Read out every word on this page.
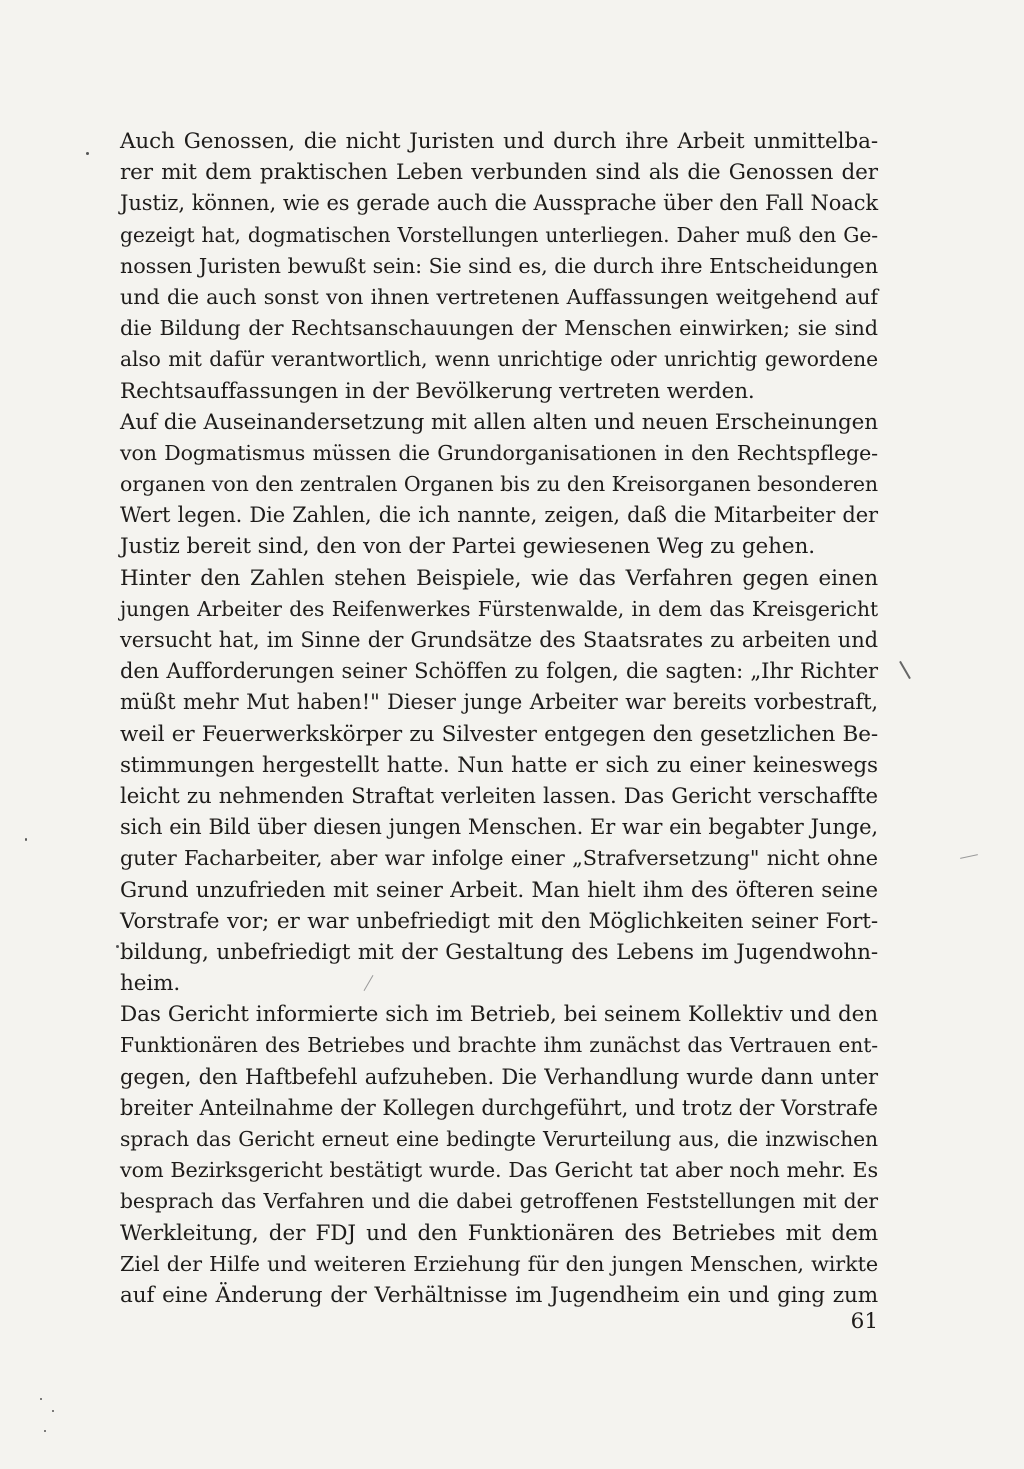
Auch Genossen, die nicht Juristen und durch ihre Arbeit unmittelba-
rer mit dem praktischen Leben verbunden sind als die Genossen der
Justiz, können, wie es gerade auch die Aussprache über den Fall Noack
gezeigt hat, dogmatischen Vorstellungen unterliegen. Daher muß den Ge-
nossen Juristen bewußt sein: Sie sind es, die durch ihre Entscheidungen
und die auch sonst von ihnen vertretenen Auffassungen weitgehend auf
die Bildung der Rechtsanschauungen der Menschen einwirken; sie sind
also mit dafür verantwortlich, wenn unrichtige oder unrichtig gewordene
Rechtsauffassungen in der Bevölkerung vertreten werden.
Auf die Auseinandersetzung mit allen alten und neuen Erscheinungen
von Dogmatismus müssen die Grundorganisationen in den Rechtspflege-
organen von den zentralen Organen bis zu den Kreisorganen besonderen
Wert legen. Die Zahlen, die ich nannte, zeigen, daß die Mitarbeiter der
Justiz bereit sind, den von der Partei gewiesenen Weg zu gehen.
Hinter den Zahlen stehen Beispiele, wie das Verfahren gegen einen
jungen Arbeiter des Reifenwerkes Fürstenwalde, in dem das Kreisgericht
versucht hat, im Sinne der Grundsätze des Staatsrates zu arbeiten und
den Aufforderungen seiner Schöffen zu folgen, die sagten: „Ihr Richter
müßt mehr Mut haben!" Dieser junge Arbeiter war bereits vorbestraft,
weil er Feuerwerkskörper zu Silvester entgegen den gesetzlichen Be-
stimmungen hergestellt hatte. Nun hatte er sich zu einer keineswegs
leicht zu nehmenden Straftat verleiten lassen. Das Gericht verschaffte
sich ein Bild über diesen jungen Menschen. Er war ein begabter Junge,
guter Facharbeiter, aber war infolge einer „Strafversetzung" nicht ohne
Grund unzufrieden mit seiner Arbeit. Man hielt ihm des öfteren seine
Vorstrafe vor; er war unbefriedigt mit den Möglichkeiten seiner Fort-
bildung, unbefriedigt mit der Gestaltung des Lebens im Jugendwohn-
heim.
Das Gericht informierte sich im Betrieb, bei seinem Kollektiv und den
Funktionären des Betriebes und brachte ihm zunächst das Vertrauen ent-
gegen, den Haftbefehl aufzuheben. Die Verhandlung wurde dann unter
breiter Anteilnahme der Kollegen durchgeführt, und trotz der Vorstrafe
sprach das Gericht erneut eine bedingte Verurteilung aus, die inzwischen
vom Bezirksgericht bestätigt wurde. Das Gericht tat aber noch mehr. Es
besprach das Verfahren und die dabei getroffenen Feststellungen mit der
Werkleitung, der FDJ und den Funktionären des Betriebes mit dem
Ziel der Hilfe und weiteren Erziehung für den jungen Menschen, wirkte
auf eine Änderung der Verhältnisse im Jugendheim ein und ging zum
61
